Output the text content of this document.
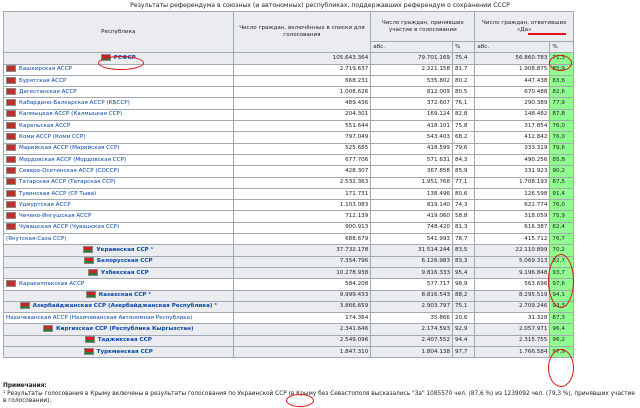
Результаты референдума в союзных (и автономных) республиках, поддержавших референдум о сохранении СССР
Республика	Число граждан, включённых в списки для голосования	Число граждан, принявших участие в голосовании		Число граждан, ответивших «Да»	
		абс.	%	абс.	%
РСФСР	105.643.364	79.701.169	75,4	56.860.783	71,3
Башкирская АССР	2.719.637	2.221.158	81,7	1.908.875	85,9
Бурятская АССР	668.231	535.802	80,2	447.438	83,6
Дагестанская АССР	1.008.626	812.009	80,5	670.488	82,6
Кабардино-Балкарская АССР (КБССР)	489.436	372.607	76,1	290.389	77,9
Калмыцкая АССР (Калмыцкая ССР)	204.301	169.124	82,8	148.482	87,8
Карельская АССР	551.644	418.101	75,8	317.854	76,0
Коми АССР (Коми ССР)	797.049	543.403	68,2	412.842	76,0
Марийская АССР (Марийская ССР)	525.685	418.599	79,6	333.319	79,6
Мордовская АССР (Мордовская ССР)	677.706	571.631	84,3	490.256	85,8
Северо-Осетинская АССР (СОССР)	428.307	367.858	85,9	331.923	90,2
Татарская АССР (Татарская ССР)	2.532.363	1.951.768	77,1	1.708.193	87,5
Тувинская АССР (СР Тыва)	171.731	138.496	80,6	126.598	91,4
Удмуртская АССР	1.103.083	819.140	74,3	622.774	76,0
Чечено-Ингушская АССР	712.139	419.060	58,8	318.059	75,9
Чувашская АССР (Чувашская ССР)	900.913	748.420	81,3	616.387	82,4
(Якутская-Саха ССР)	688.679	541.993	78,7	415.712	76,7
Украинская ССР ¹	37.732.178	31.514.244	83,5	22.110.899	70,2
Белорусская ССР	7.354.796	6.126.983	83,3	5.069.313	82,7
Узбекская ССР	10.278.938	9.816.333	95,4	9.196.848	93,7
Каракалпакская АССР	584.208	577.717	98,9	563.696	97,6
Казахская ССР ²	9.999.433	8.816.543	88,2	8.295.519	94,1
Азербайджанская ССР (Азербайджанская Республика) ³	3.866.659	2.903.797	75,1	2.709.246	93,3
Нахичеванская АССР (Нахичеванская Автономная Республика)	174.364	35.866	20,6	31.328	87,3
Киргизская ССР (Республика Кыргызстан)	2.341.646	2.174.593	92,9	2.057.971	96,4
Таджикская ССР	2.549.096	2.407.552	94,4	2.315.755	96,2
Туркменская ССР	1.847.310	1.804.138	97,7	1.766.584	97,9
Примечания:
¹ Результаты голосования в Крыму включены в результаты голосования по Украинской ССР (в Крыму без Севастополя высказались "За" 1085570 чел. (87,6 %) из 1239092 чел. (79,3 %), принявших участие в голосовании).
